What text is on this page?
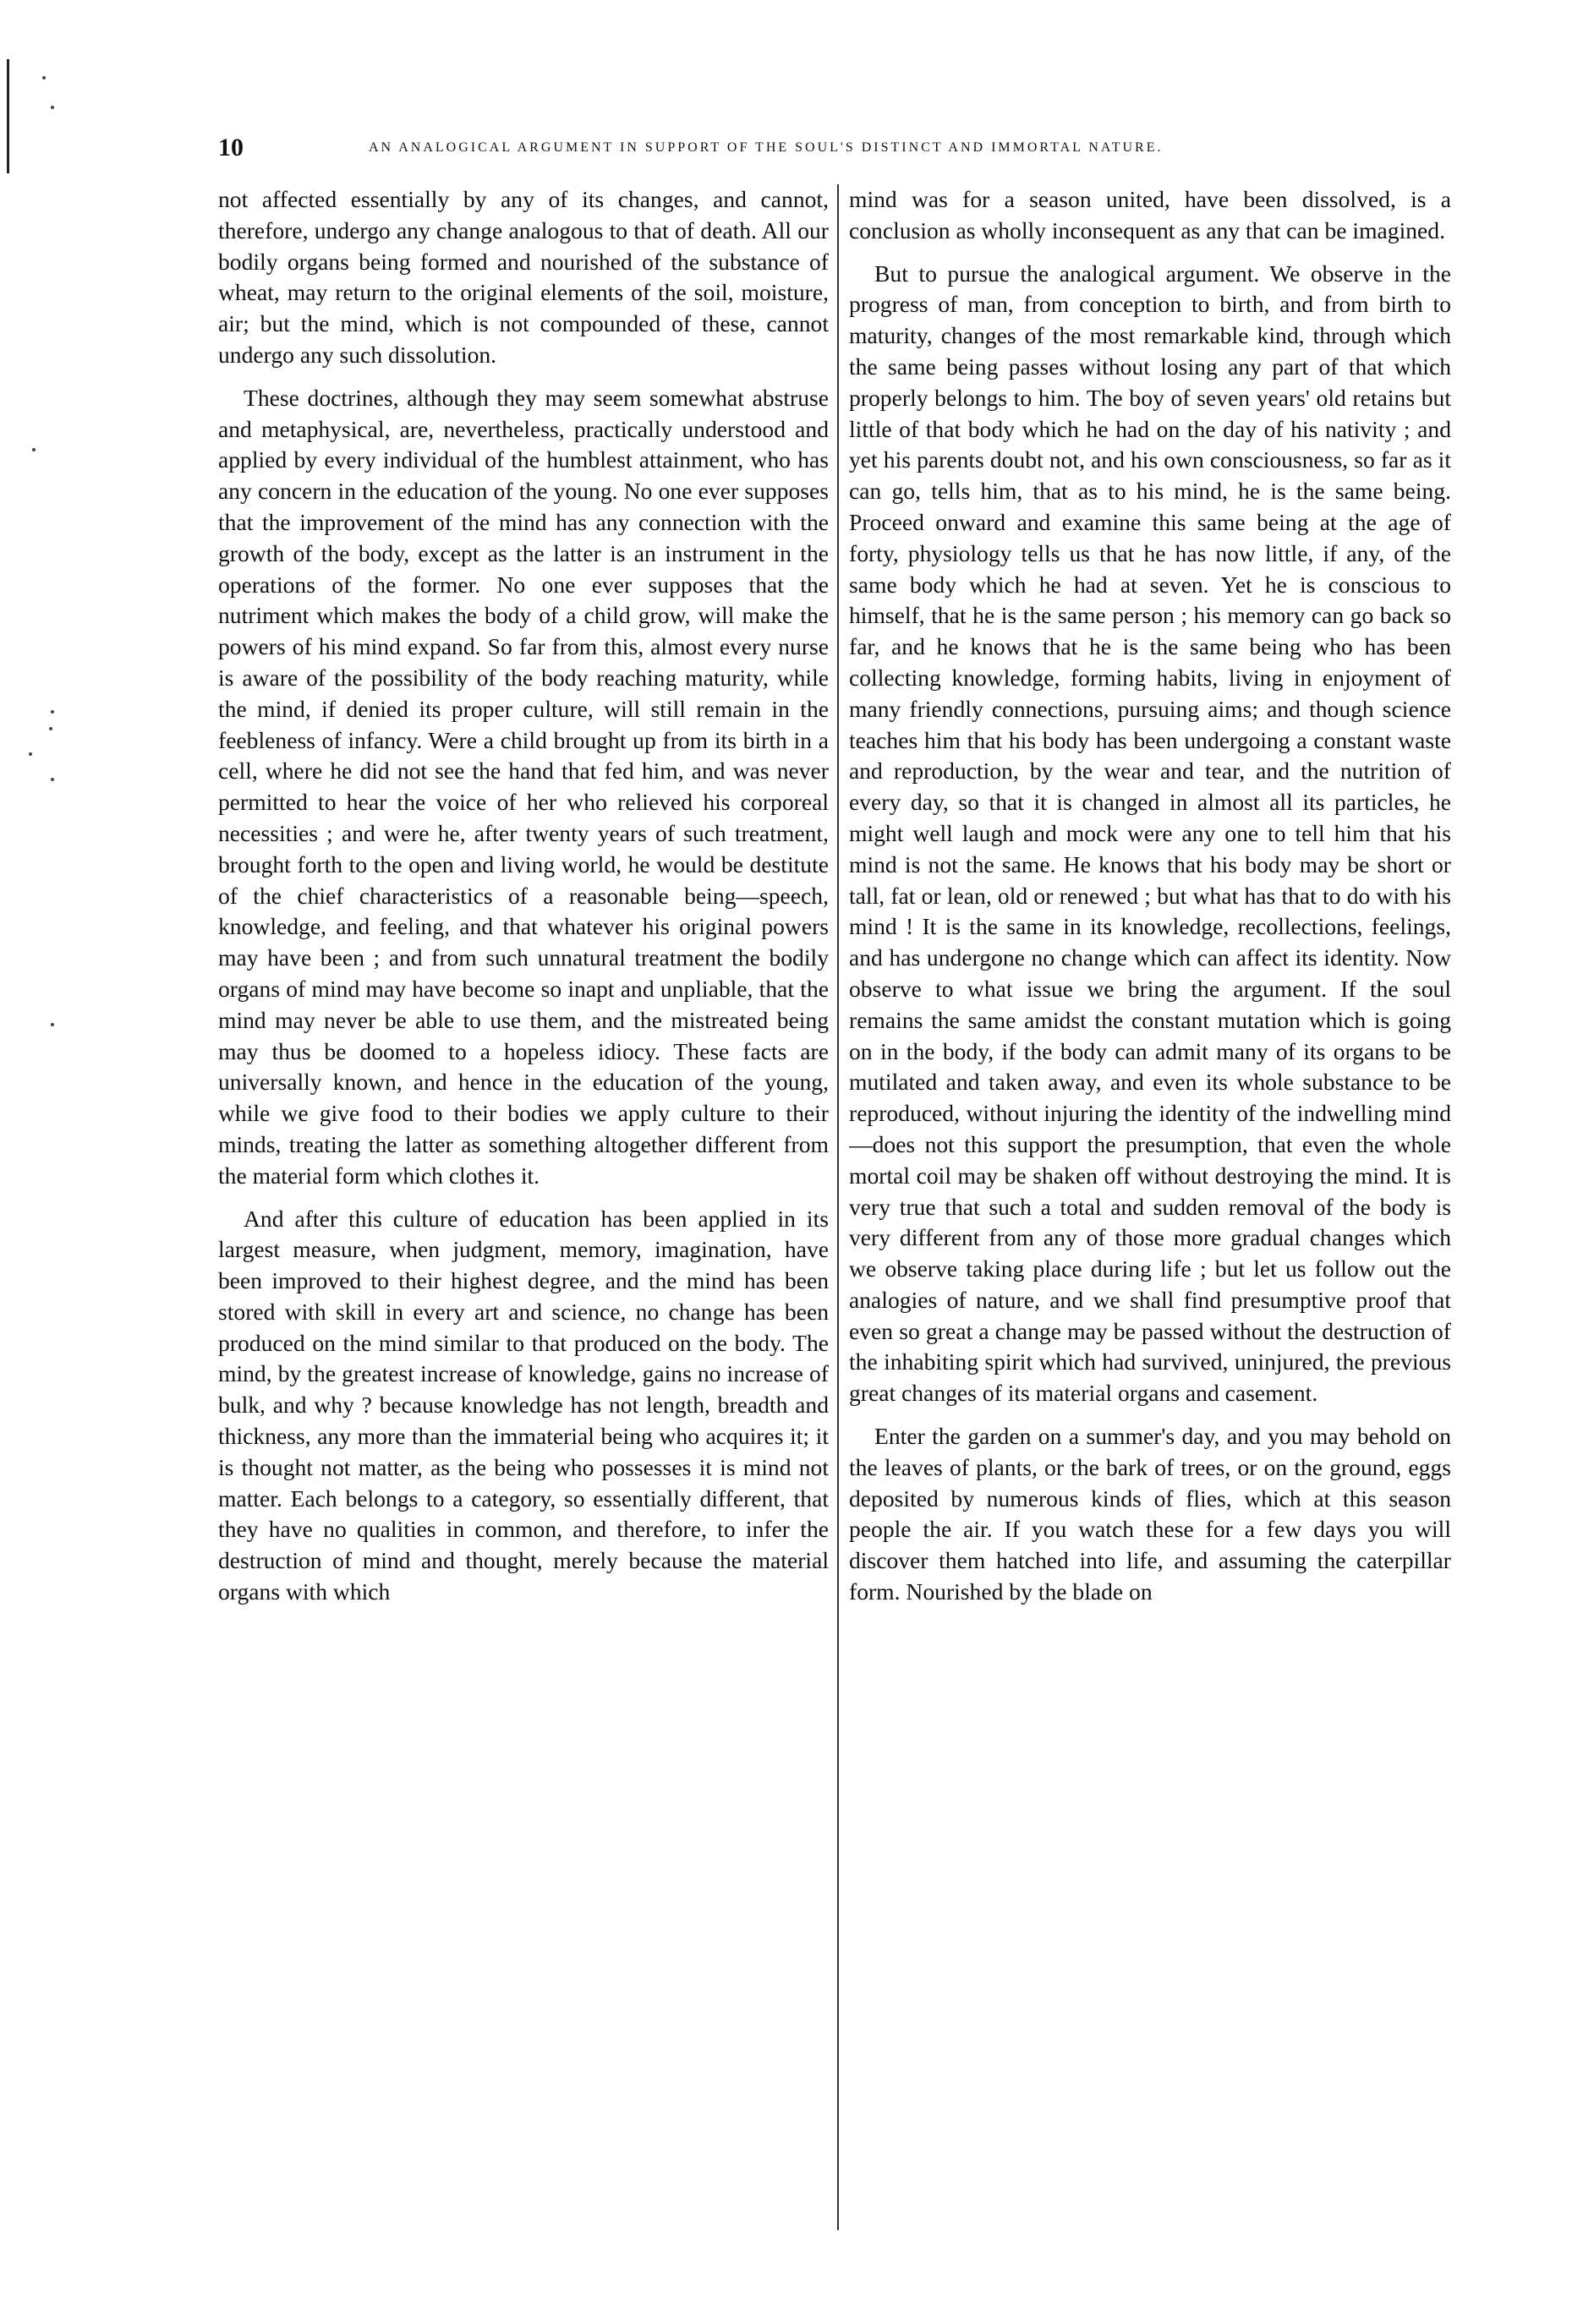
10	AN ANALOGICAL ARGUMENT IN SUPPORT OF THE SOUL'S DISTINCT AND IMMORTAL NATURE.

not affected essentially by any of its changes, and cannot, therefore, undergo any change analogous to that of death. All our bodily organs being formed and nourished of the substance of wheat, may return to the original elements of the soil, moisture, air; but the mind, which is not compounded of these, cannot undergo any such dissolution.

These doctrines, although they may seem somewhat abstruse and metaphysical, are, nevertheless, practically understood and applied by every individual of the humblest attainment, who has any concern in the education of the young. No one ever supposes that the improvement of the mind has any connection with the growth of the body, except as the latter is an instrument in the operations of the former. No one ever supposes that the nutriment which makes the body of a child grow, will make the powers of his mind expand. So far from this, almost every nurse is aware of the possibility of the body reaching maturity, while the mind, if denied its proper culture, will still remain in the feebleness of infancy. Were a child brought up from its birth in a cell, where he did not see the hand that fed him, and was never permitted to hear the voice of her who relieved his corporeal necessities ; and were he, after twenty years of such treatment, brought forth to the open and living world, he would be destitute of the chief characteristics of a reasonable being—speech, knowledge, and feeling, and that whatever his original powers may have been ; and from such unnatural treatment the bodily organs of mind may have become so inapt and unpliable, that the mind may never be able to use them, and the mistreated being may thus be doomed to a hopeless idiocy. These facts are universally known, and hence in the education of the young, while we give food to their bodies we apply culture to their minds, treating the latter as something altogether different from the material form which clothes it.

And after this culture of education has been applied in its largest measure, when judgment, memory, imagination, have been improved to their highest degree, and the mind has been stored with skill in every art and science, no change has been produced on the mind similar to that produced on the body. The mind, by the greatest increase of knowledge, gains no increase of bulk, and why ? because knowledge has not length, breadth and thickness, any more than the immaterial being who acquires it; it is thought not matter, as the being who possesses it is mind not matter. Each belongs to a category, so essentially different, that they have no qualities in common, and therefore, to infer the destruction of mind and thought, merely because the material organs with which

mind was for a season united, have been dissolved, is a conclusion as wholly inconsequent as any that can be imagined.

But to pursue the analogical argument. We observe in the progress of man, from conception to birth, and from birth to maturity, changes of the most remarkable kind, through which the same being passes without losing any part of that which properly belongs to him. The boy of seven years' old retains but little of that body which he had on the day of his nativity ; and yet his parents doubt not, and his own consciousness, so far as it can go, tells him, that as to his mind, he is the same being. Proceed onward and examine this same being at the age of forty, physiology tells us that he has now little, if any, of the same body which he had at seven. Yet he is conscious to himself, that he is the same person ; his memory can go back so far, and he knows that he is the same being who has been collecting knowledge, forming habits, living in enjoyment of many friendly connections, pursuing aims; and though science teaches him that his body has been undergoing a constant waste and reproduction, by the wear and tear, and the nutrition of every day, so that it is changed in almost all its particles, he might well laugh and mock were any one to tell him that his mind is not the same. He knows that his body may be short or tall, fat or lean, old or renewed ; but what has that to do with his mind ! It is the same in its knowledge, recollections, feelings, and has undergone no change which can affect its identity. Now observe to what issue we bring the argument. If the soul remains the same amidst the constant mutation which is going on in the body, if the body can admit many of its organs to be mutilated and taken away, and even its whole substance to be reproduced, without injuring the identity of the indwelling mind—does not this support the presumption, that even the whole mortal coil may be shaken off without destroying the mind. It is very true that such a total and sudden removal of the body is very different from any of those more gradual changes which we observe taking place during life ; but let us follow out the analogies of nature, and we shall find presumptive proof that even so great a change may be passed without the destruction of the inhabiting spirit which had survived, uninjured, the previous great changes of its material organs and casement.

Enter the garden on a summer's day, and you may behold on the leaves of plants, or the bark of trees, or on the ground, eggs deposited by numerous kinds of flies, which at this season people the air. If you watch these for a few days you will discover them hatched into life, and assuming the caterpillar form. Nourished by the blade on
